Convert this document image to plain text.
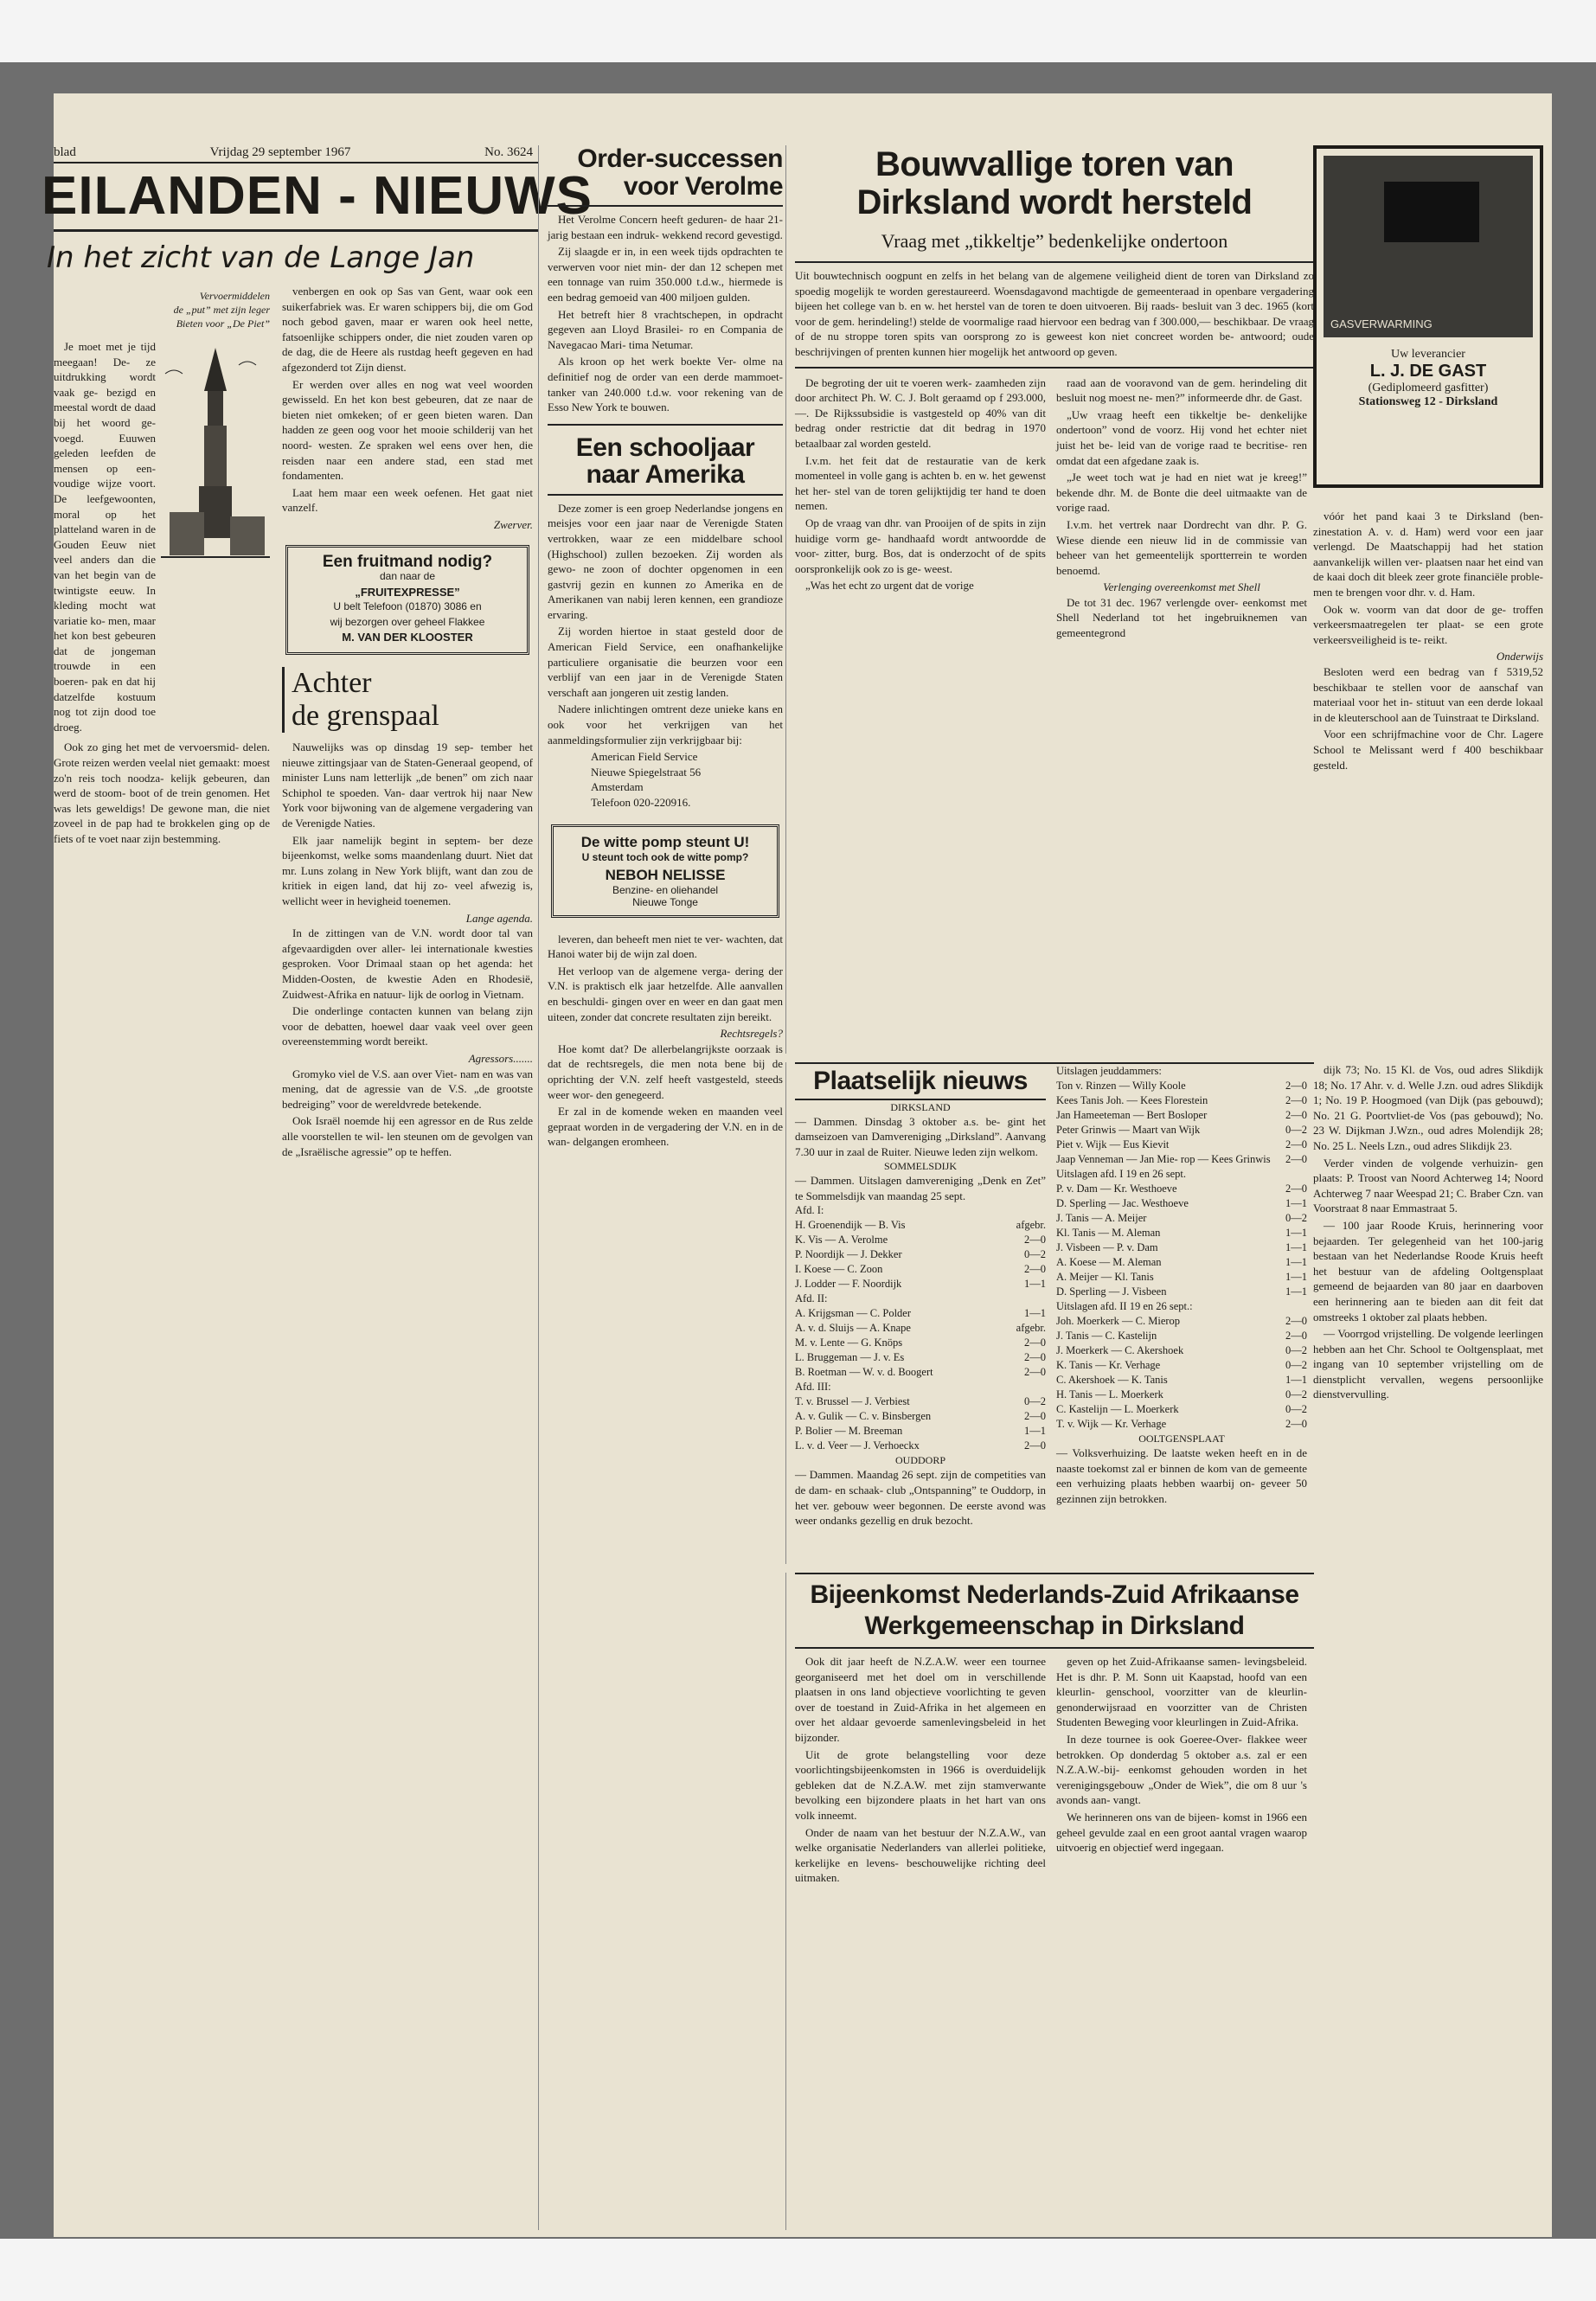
blad	Vrijdag 29 september 1967	No. 3624
EILANDEN - NIEUWS
In het zicht van de Lange Jan
Vervoermiddelen
de „put” met zijn leger
Bieten voor „De Piet”

Je moet met je tijd meegaan! De- ze uitdrukking wordt vaak ge- bezigd en meestal wordt de daad bij het woord ge- voegd. Euuwen geleden leefden de mensen op een- voudige wijze voort. De leefgewoonten, moral op het platteland waren in de Gouden Eeuw niet veel anders dan die van het begin van de twintigste eeuw. In kleding mocht wat variatie ko- men, maar het kon best gebeuren dat de jongeman trouwde in een boeren- pak en dat hij datzelfde kostuum nog tot zijn dood toe droeg.

Ook zo ging het met de vervoersmid- delen. Grote reizen werden veelal niet gemaakt: moest zo'n reis toch noodza- kelijk gebeuren, dan werd de stoom- boot of de trein genomen. Het was lets geweldigs! De gewone man, die niet zoveel in de pap had te brokkelen ging op de fiets of te voet naar zijn bestemming.

venbergen en ook op Sas van Gent, waar ook een suikerfabriek was. Er waren schippers bij, die om God noch gebod gaven, maar er waren ook heel nette, fatsoenlijke schippers onder, die niet zouden varen op de dag, die de Heere als rustdag heeft gegeven en had afgezonderd tot Zijn dienst.

Er werden over alles en nog wat veel woorden gewisseld. En het kon best gebeuren, dat ze naar de bieten niet omkeken; of er geen bieten waren. Dan hadden ze geen oog voor het mooie schilderij van het noord- westen. Ze spraken wel eens over hen, die reisden naar een andere stad, een stad met fondamenten.

Laat hem maar een week oefenen. Het gaat niet vanzelf.

Zwerver.
Een fruitmand nodig?
dan naar de
„FRUITEXPRESSE”
U belt Telefoon (01870) 3086 en
wij bezorgen over geheel Flakkee
M. VAN DER KLOOSTER
Achter
de grenspaal

Nauwelijks was op dinsdag 19 sep- tember het nieuwe zittingsjaar van de Staten-Generaal geopend, of minister Luns nam letterlijk „de benen” om zich naar Schiphol te spoeden. Van- daar vertrok hij naar New York voor bijwoning van de algemene vergadering van de Verenigde Naties.

Elk jaar namelijk begint in septem- ber deze bijeenkomst, welke soms maandenlang duurt. Niet dat mr. Luns zolang in New York blijft, want dan zou de kritiek in eigen land, dat hij zo- veel afwezig is, wellicht weer in hevigheid toenemen.

Lange agenda.

In de zittingen van de V.N. wordt door tal van afgevaardigden over aller- lei internationale kwesties gesproken. Voor Drimaal staan op het agenda: het Midden-Oosten, de kwestie Aden en Rhodesië, Zuidwest-Afrika en natuur- lijk de oorlog in Vietnam.

Die onderlinge contacten kunnen van belang zijn voor de debatten, hoewel daar vaak veel over geen overeenstemming wordt bereikt.

Agressors.......

Gromyko viel de V.S. aan over Viet- nam en was van mening, dat de agressie van de V.S. „de grootste bedreiging” voor de wereldvrede betekende.

Ook Israël noemde hij een agressor en de Rus zelde alle voorstellen te wil- len steunen om de gevolgen van de „Israëlische agressie” op te heffen.

Order-successen voor Verolme

Het Verolme Concern heeft geduren- de haar 21-jarig bestaan een indruk- wekkend record gevestigd.

Zij slaagde er in, in een week tijds opdrachten te verwerven voor niet min- der dan 12 schepen met een tonnage van ruim 350.000 t.d.w., hiermede is een bedrag gemoeid van 400 miljoen gulden.

Het betreft hier 8 vrachtschepen, in opdracht gegeven aan Lloyd Brasilei- ro en Compania de Navegacao Mari- tima Netumar.

Als kroon op het werk boekte Ver- olme na definitief nog de order van een derde mammoet-tanker van 240.000 t.d.w. voor rekening van de Esso New York te bouwen.

Een schooljaar naar Amerika

Deze zomer is een groep Nederlandse jongens en meisjes voor een jaar naar de Verenigde Staten vertrokken, waar ze een middelbare school (Highschool) zullen bezoeken. Zij worden als gewo- ne zoon of dochter opgenomen in een gastvrij gezin en kunnen zo Amerika en de Amerikanen van nabij leren kennen, een grandioze ervaring.

Zij worden hiertoe in staat gesteld door de American Field Service, een onafhankelijke particuliere organisatie die beurzen voor een verblijf van een jaar in de Verenigde Staten verschaft aan jongeren uit zestig landen.

Nadere inlichtingen omtrent deze unieke kans en ook voor het verkrijgen van het aanmeldingsformulier zijn verkrijgbaar bij:

American Field Service
Nieuwe Spiegelstraat 56
Amsterdam
Telefoon 020-220916.
De witte pomp steunt U!
U steunt toch ook de witte pomp?
NEBOH NELISSE
Benzine- en oliehandel
Nieuwe Tonge

leveren, dan beheeft men niet te ver- wachten, dat Hanoi water bij de wijn zal doen.

Het verloop van de algemene verga- dering der V.N. is praktisch elk jaar hetzelfde. Alle aanvallen en beschuldi- gingen over en weer en dan gaat men uiteen, zonder dat concrete resultaten zijn bereikt.

Rechtsregels?

Hoe komt dat? De allerbelangrijkste oorzaak is dat de rechtsregels, die men nota bene bij de oprichting der V.N. zelf heeft vastgesteld, steeds weer wor- den genegeerd.

Er zal in de komende weken en maanden veel gepraat worden in de vergadering der V.N. en in de wan- delgangen eromheen.

Bouwvallige toren van Dirksland wordt hersteld
Vraag met „tikkeltje” bedenkelijke ondertoon
Uit bouwtechnisch oogpunt en zelfs in het belang van de algemene veiligheid dient de toren van Dirksland zo spoedig mogelijk te worden gerestaureerd. Woensdagavond machtigde de gemeenteraad in openbare vergadering bijeen het college van b. en w. het herstel van de toren te doen uitvoeren. Bij raads- besluit van 3 dec. 1965 (kort voor de gem. herindeling!) stelde de voormalige raad hiervoor een bedrag van f 300.000,— beschikbaar. De vraag of de nu stroppe toren spits van oorsprong zo is geweest kon niet concreet worden be- antwoord; oude beschrijvingen of prenten kunnen hier mogelijk het antwoord op geven.

De begroting der uit te voeren werk- zaamheden zijn door architect Ph. W. C. J. Bolt geraamd op f 293.000,—. De Rijkssubsidie is vastgesteld op 40% van dit bedrag onder restrictie dat dit bedrag in 1970 betaalbaar zal worden gesteld.

I.v.m. het feit dat de restauratie van de kerk momenteel in volle gang is achten b. en w. het gewenst het her- stel van de toren gelijktijdig ter hand te doen nemen.

Op de vraag van dhr. van Prooijen of de spits in zijn huidige vorm ge- handhaafd wordt antwoordde de voor- zitter, burg. Bos, dat is onderzocht of de spits oorspronkelijk ook zo is ge- weest.

„Was het echt zo urgent dat de vorige

raad aan de vooravond van de gem. herindeling dit besluit nog moest ne- men?” informeerde dhr. de Gast.

„Uw vraag heeft een tikkeltje be- denkelijke ondertoon” vond de voorz. Hij vond het echter niet juist het be- leid van de vorige raad te becritise- ren omdat dat een afgedane zaak is.

„Je weet toch wat je had en niet wat je kreeg!” bekende dhr. M. de Bonte die deel uitmaakte van de vorige raad.

I.v.m. het vertrek naar Dordrecht van dhr. P. G. Wiese diende een nieuw lid in de commissie van beheer van het gemeentelijk sportterrein te worden benoemd.

Verlenging overeenkomst met Shell

De tot 31 dec. 1967 verlengde over- eenkomst met Shell Nederland tot het ingebruiknemen van gemeentegrond

GASVERWARMING
Uw leverancier
L. J. DE GAST
(Gediplomeerd gasfitter)
Stationsweg 12 - Dirksland

vóór het pand kaai 3 te Dirksland (ben- zinestation A. v. d. Ham) werd voor een jaar verlengd. De Maatschappij had het station aanvankelijk willen ver- plaatsen naar het eind van de kaai doch dit bleek zeer grote financiële proble- men te brengen voor dhr. v. d. Ham.

Ook w. voorm van dat door de ge- troffen verkeersmaatregelen ter plaat- se een grote verkeersveiligheid is te- reikt.

Onderwijs

Besloten werd een bedrag van f 5319,52 beschikbaar te stellen voor de aanschaf van materiaal voor het in- stituut van een derde lokaal in de kleuterschool aan de Tuinstraat te Dirksland.

Voor een schrijfmachine voor de Chr. Lagere School te Melissant werd f 400 beschikbaar gesteld.

Plaatselijk nieuws
DIRKSLAND
— Dammen. Dinsdag 3 oktober a.s. be- gint het damseizoen van Damvereniging „Dirksland”. Aanvang 7.30 uur in zaal de Ruiter. Nieuwe leden zijn welkom.
SOMMELSDIJK
— Dammen. Uitslagen damvereniging „Denk en Zet” te Sommelsdijk van maandag 25 sept.
Afd. I:
H. Groenendijk — B. Vis	afgebr.
K. Vis — A. Verolme	2—0
P. Noordijk — J. Dekker	0—2
I. Koese — C. Zoon	2—0
J. Lodder — F. Noordijk	1—1
Afd. II:
A. Krijgsman — C. Polder	1—1
A. v. d. Sluijs — A. Knape	afgebr.
M. v. Lente — G. Knöps	2—0
L. Bruggeman — J. v. Es	2—0
B. Roetman — W. v. d. Boogert	2—0
Afd. III:
T. v. Brussel — J. Verbiest	0—2
A. v. Gulik — C. v. Binsbergen	2—0
P. Bolier — M. Breeman	1—1
L. v. d. Veer — J. Verhoeckx	2—0
OUDDORP
— Dammen. Maandag 26 sept. zijn de competities van de dam- en schaak- club „Ontspanning” te Ouddorp, in het ver. gebouw weer begonnen. De eerste avond was weer ondanks gezellig en druk bezocht.
Uitslagen jeuddammers:
Ton v. Rinzen — Willy Koole	2—0
Kees Tanis Joh. — Kees Florestein	2—0
Jan Hameeteman — Bert Bosloper	2—0
Peter Grinwis — Maart van Wijk	0—2
Piet v. Wijk — Eus Kievit	2—0
Jaap Venneman — Jan Mie- rop — Kees Grinwis 2—0
Uitslagen afd. I 19 en 26 sept.
P. v. Dam — Kr. Westhoeve	2—0
D. Sperling — Jac. Westhoeve	1—1
J. Tanis — A. Meijer	0—2
Kl. Tanis — M. Aleman	1—1
J. Visbeen — P. v. Dam	1—1
A. Koese — M. Aleman	1—1
A. Meijer — Kl. Tanis	1—1
D. Sperling — J. Visbeen	1—1
Uitslagen afd. II 19 en 26 sept.:
Joh. Moerkerk — C. Mierop	2—0
J. Tanis — C. Kastelijn	2—0
J. Moerkerk — C. Akershoek	0—2
K. Tanis — Kr. Verhage	0—2
C. Akershoek — K. Tanis	1—1
H. Tanis — L. Moerkerk	0—2
C. Kastelijn — L. Moerkerk	0—2
T. v. Wijk — Kr. Verhage	2—0
OOLTGENSPLAAT
— Volksverhuizing. De laatste weken heeft en in de naaste toekomst zal er binnen de kom van de gemeente een verhuizing plaats hebben waarbij on- geveer 50 gezinnen zijn betrokken.

dijk 73; No. 15 Kl. de Vos, oud adres Slikdijk 18; No. 17 Ahr. v. d. Welle J.zn. oud adres Slikdijk 1; No. 19 P. Hoogmoed (van Dijk (pas gebouwd); No. 21 G. Poortvliet-de Vos (pas gebouwd); No. 23 W. Dijkman J.Wzn., oud adres Molendijk 28; No. 25 L. Neels Lzn., oud adres Slikdijk 23.

Verder vinden de volgende verhuizin- gen plaats: P. Troost van Noord Achterweg 14; Noord Achterweg 7 naar Weespad 21; C. Braber Czn. van Voorstraat 8 naar Emmastraat 5.

— 100 jaar Roode Kruis, herinnering voor bejaarden. Ter gelegenheid van het 100-jarig bestaan van het Nederlandse Roode Kruis heeft het bestuur van de afdeling Ooltgensplaat gemeend de bejaarden van 80 jaar en daarboven een herinnering aan te bieden aan dit feit dat omstreeks 1 oktober zal plaats hebben.

— Voorrgod vrijstelling. De volgende leerlingen hebben aan het Chr. School te Ooltgensplaat, met ingang van 10 september vrijstelling om de dienstplicht vervallen, wegens persoonlijke dienstvervulling.

Bijeenkomst Nederlands-Zuid Afrikaanse Werkgemeenschap in Dirksland

Ook dit jaar heeft de N.Z.A.W. weer een tournee georganiseerd met het doel om in verschillende plaatsen in ons land objectieve voorlichting te geven over de toestand in Zuid-Afrika in het algemeen en over het aldaar gevoerde samenlevingsbeleid in het bijzonder.

Uit de grote belangstelling voor deze voorlichtingsbijeenkomsten in 1966 is overduidelijk gebleken dat de N.Z.A.W. met zijn stamverwante bevolking een bijzondere plaats in het hart van ons volk inneemt.

Onder de naam van het bestuur der N.Z.A.W., van welke organisatie Nederlanders van allerlei politieke, kerkelijke en levens- beschouwelijke richting deel uitmaken.

geven op het Zuid-Afrikaanse samen- levingsbeleid. Het is dhr. P. M. Sonn uit Kaapstad, hoofd van een kleurlin- genschool, voorzitter van de kleurlin- genonderwijsraad en voorzitter van de Christen Studenten Beweging voor kleurlingen in Zuid-Afrika.

In deze tournee is ook Goeree-Over- flakkee weer betrokken. Op donderdag 5 oktober a.s. zal er een N.Z.A.W.-bij- eenkomst gehouden worden in het verenigingsgebouw „Onder de Wiek”, die om 8 uur 's avonds aan- vangt.

We herinneren ons van de bijeen- komst in 1966 een geheel gevulde zaal en een groot aantal vragen waarop uitvoerig en objectief werd ingegaan.
